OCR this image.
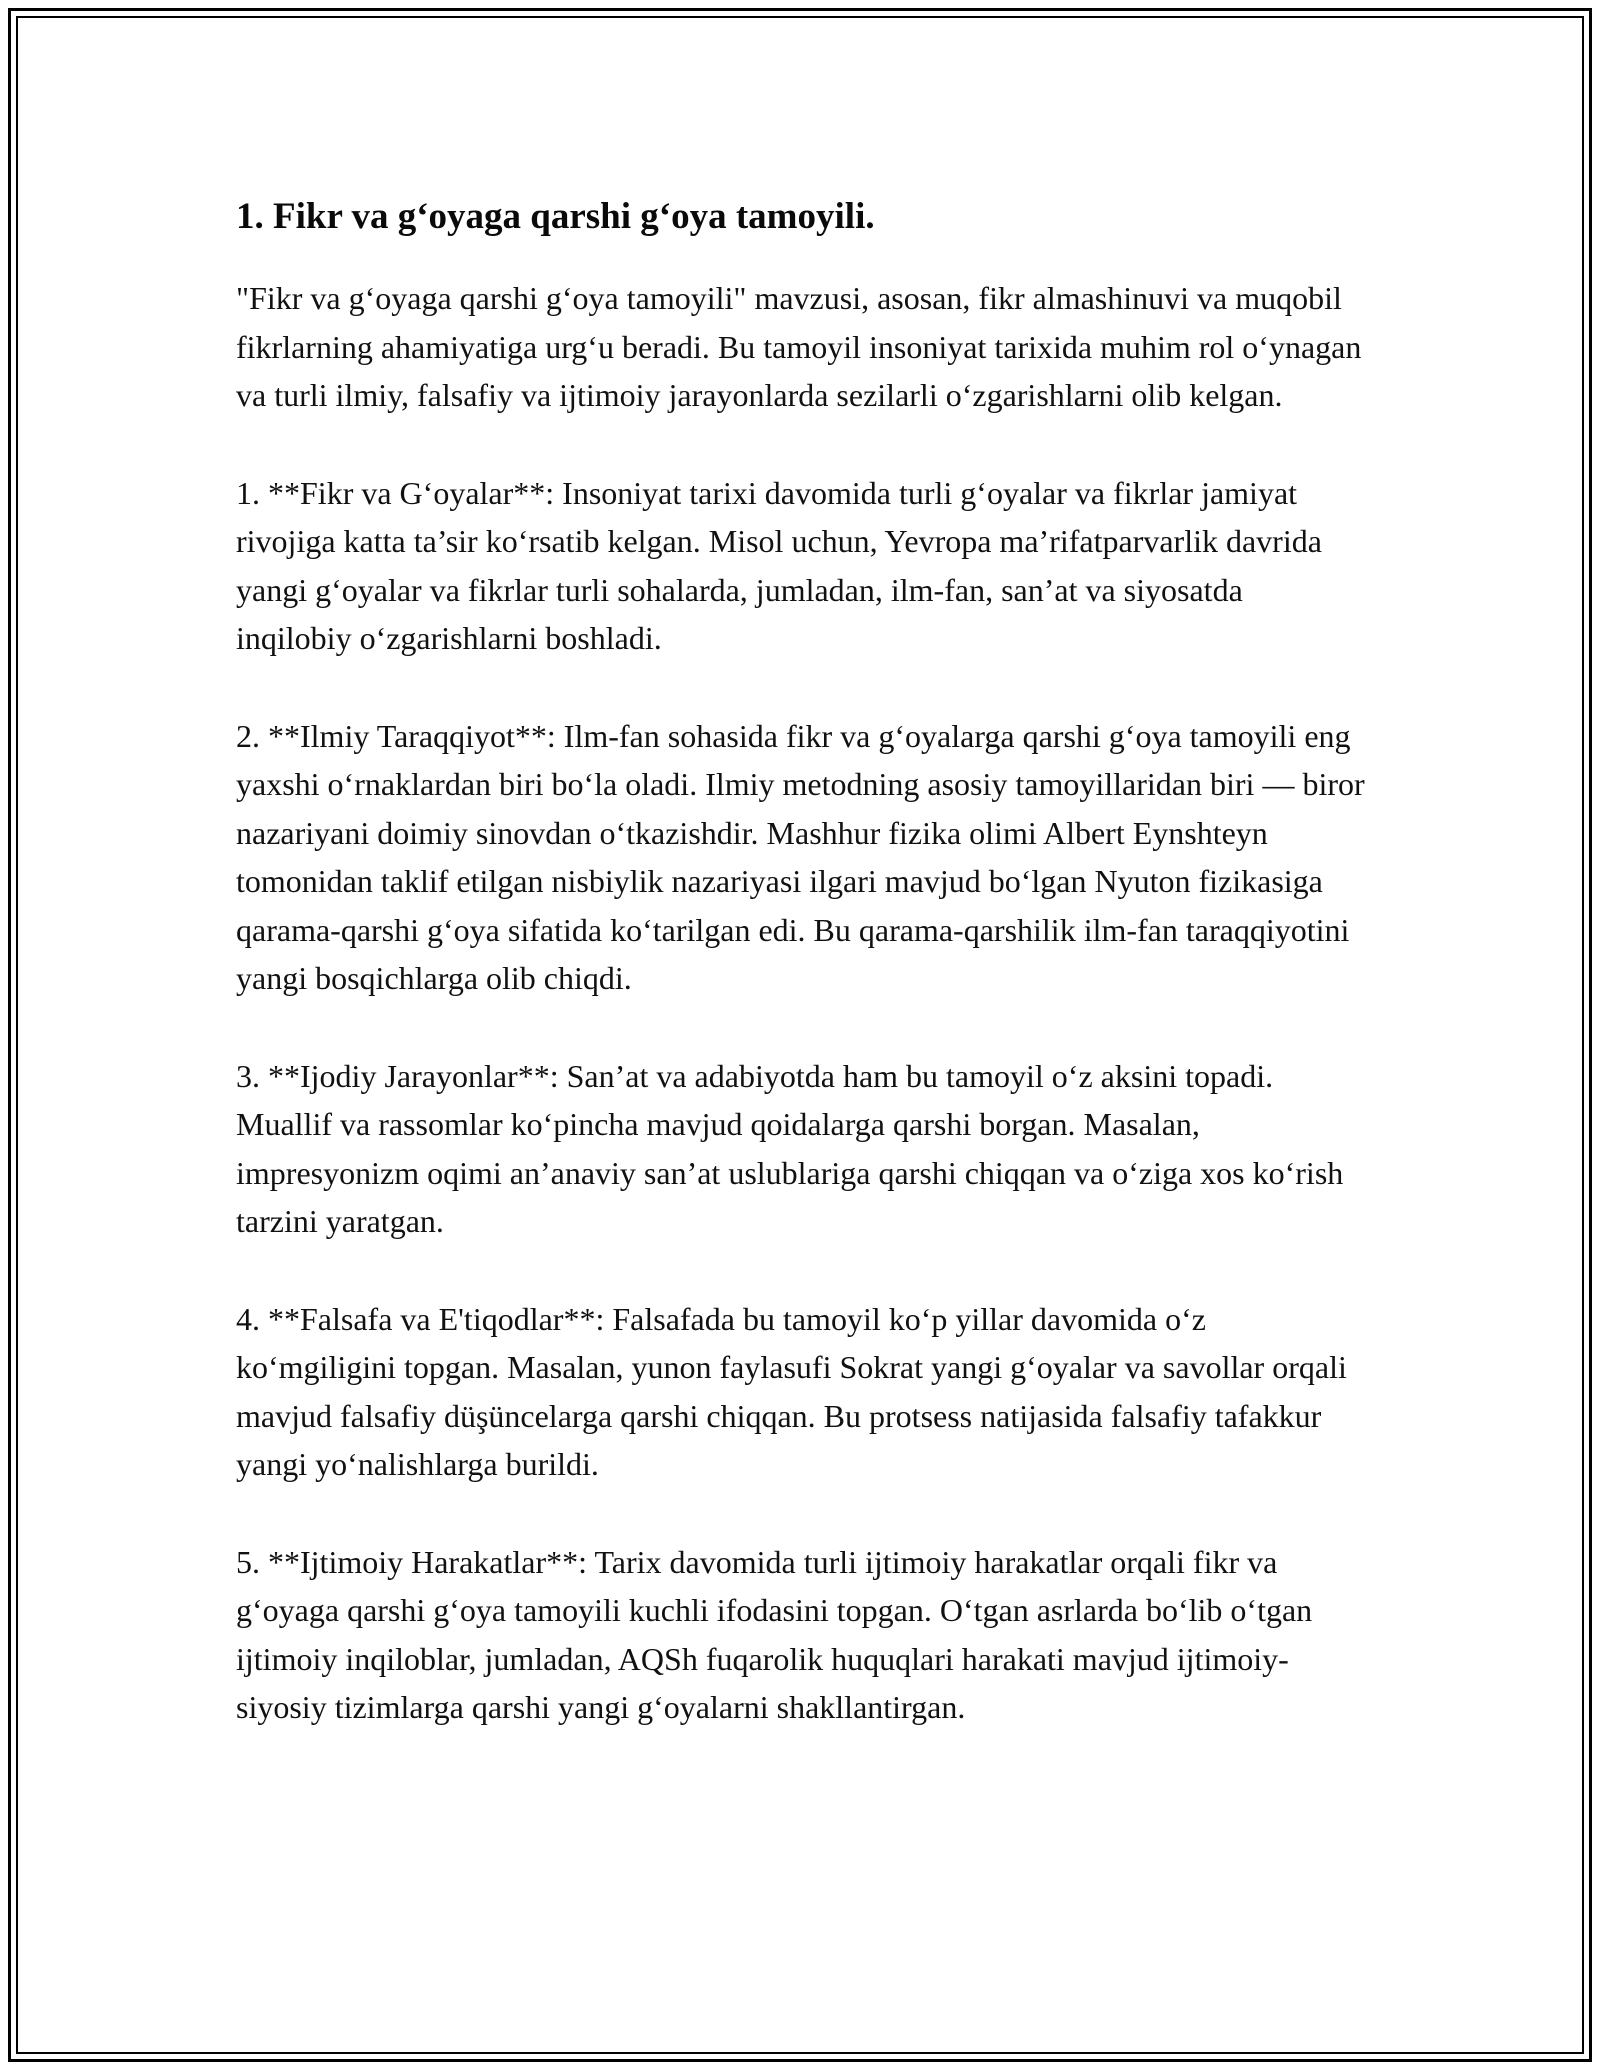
1. Fikr va g‘oyaga qarshi g‘oya tamoyili.

"Fikr va g‘oyaga qarshi g‘oya tamoyili" mavzusi, asosan, fikr almashinuvi va muqobil fikrlarning ahamiyatiga urg‘u beradi. Bu tamoyil insoniyat tarixida muhim rol o‘ynagan va turli ilmiy, falsafiy va ijtimoiy jarayonlarda sezilarli o‘zgarishlarni olib kelgan.

1. **Fikr va G‘oyalar**: Insoniyat tarixi davomida turli g‘oyalar va fikrlar jamiyat rivojiga katta ta’sir ko‘rsatib kelgan. Misol uchun, Yevropa ma’rifatparvarlik davrida yangi g‘oyalar va fikrlar turli sohalarda, jumladan, ilm-fan, san’at va siyosatda inqilobiy o‘zgarishlarni boshladi.

2. **Ilmiy Taraqqiyot**: Ilm-fan sohasida fikr va g‘oyalarga qarshi g‘oya tamoyili eng yaxshi o‘rnaklardan biri bo‘la oladi. Ilmiy metodning asosiy tamoyillaridan biri — biror nazariyani doimiy sinovdan o‘tkazishdir. Mashhur fizika olimi Albert Eynshteyn tomonidan taklif etilgan nisbiylik nazariyasi ilgari mavjud bo‘lgan Nyuton fizikasiga qarama-qarshi g‘oya sifatida ko‘tarilgan edi. Bu qarama-qarshilik ilm-fan taraqqiyotini yangi bosqichlarga olib chiqdi.

3. **Ijodiy Jarayonlar**: San’at va adabiyotda ham bu tamoyil o‘z aksini topadi. Muallif va rassomlar ko‘pincha mavjud qoidalarga qarshi borgan. Masalan, impresyonizm oqimi an’anaviy san’at uslublariga qarshi chiqqan va o‘ziga xos ko‘rish tarzini yaratgan.

4. **Falsafa va E'tiqodlar**: Falsafada bu tamoyil ko‘p yillar davomida o‘z ko‘mgiligini topgan. Masalan, yunon faylasufi Sokrat yangi g‘oyalar va savollar orqali mavjud falsafiy düşüncelarga qarshi chiqqan. Bu protsess natijasida falsafiy tafakkur yangi yo‘nalishlarga burildi.

5. **Ijtimoiy Harakatlar**: Tarix davomida turli ijtimoiy harakatlar orqali fikr va g‘oyaga qarshi g‘oya tamoyili kuchli ifodasini topgan. O‘tgan asrlarda bo‘lib o‘tgan ijtimoiy inqiloblar, jumladan, AQSh fuqarolik huquqlari harakati mavjud ijtimoiy-siyosiy tizimlarga qarshi yangi g‘oyalarni shakllantirgan.
